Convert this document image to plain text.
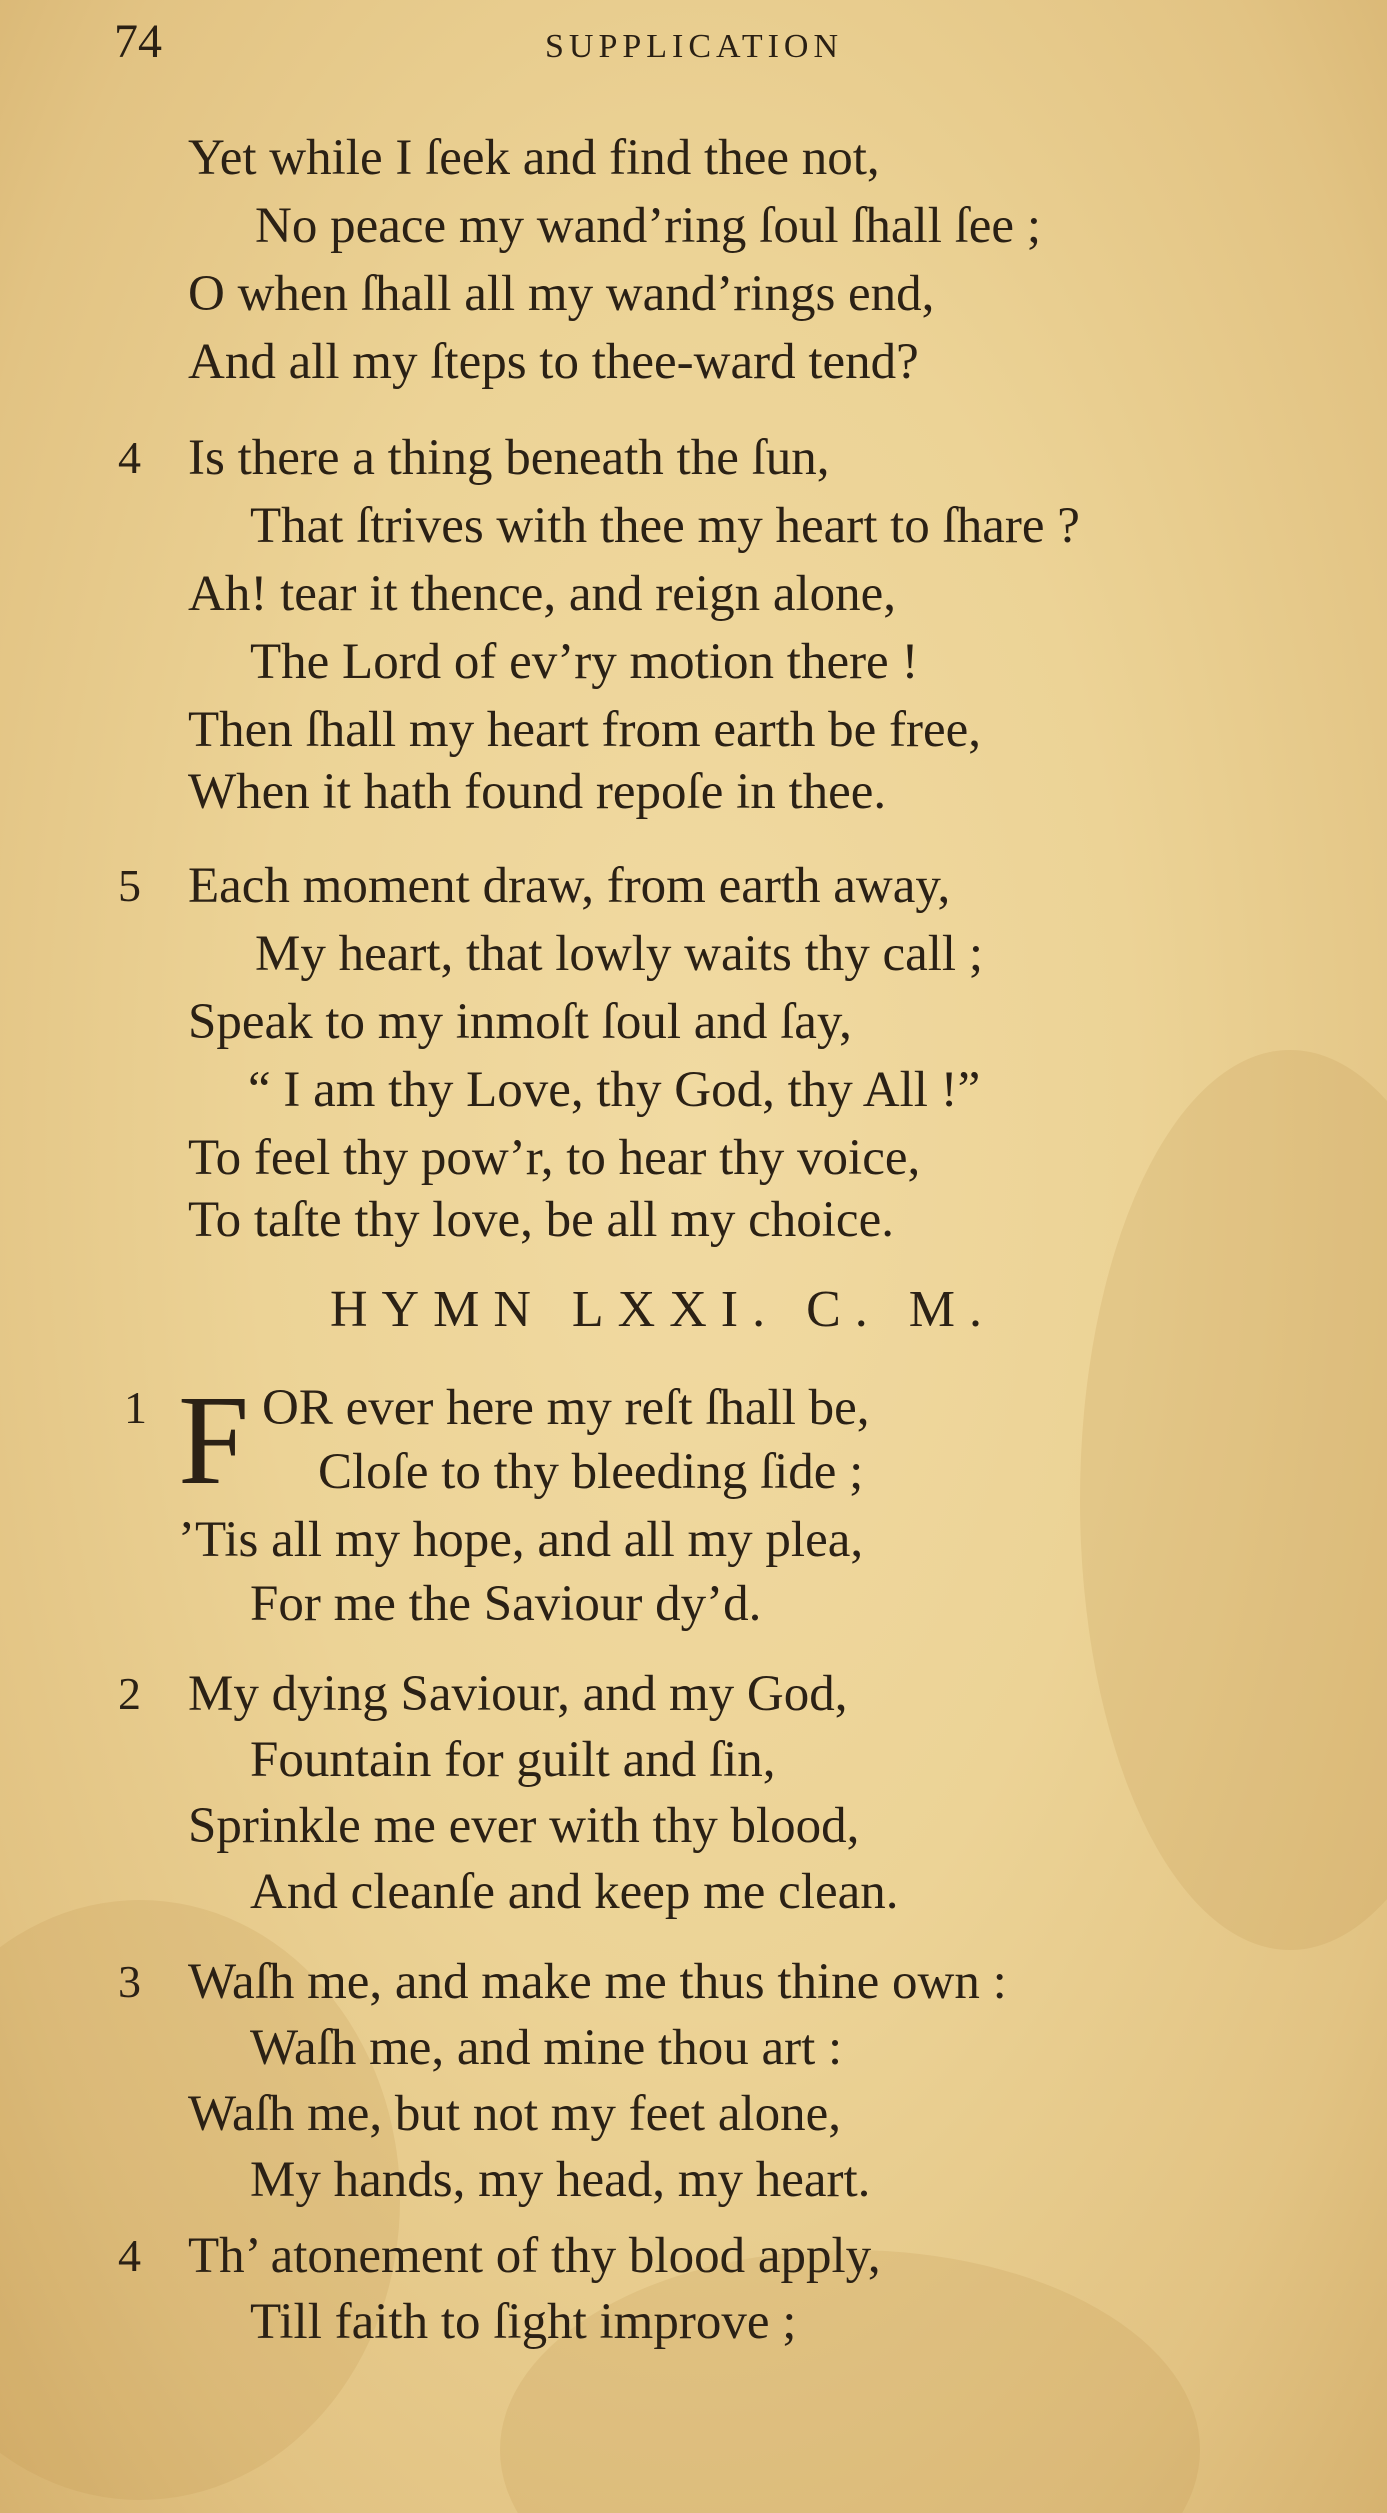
74	SUPPLICATION
Yet while I ſeek and find thee not,
No peace my wand’ring ſoul ſhall ſee ;
O when ſhall all my wand’rings end,
And all my ſteps to thee-ward tend?
4 Is there a thing beneath the ſun,
That ſtrives with thee my heart to ſhare ?
Ah! tear it thence, and reign alone,
The Lord of ev’ry motion there !
Then ſhall my heart from earth be free,
When it hath found repoſe in thee.
5 Each moment draw, from earth away,
My heart, that lowly waits thy call ;
Speak to my inmoſt ſoul and ſay,
“ I am thy Love, thy God, thy All !”
To feel thy pow’r, to hear thy voice,
To taſte thy love, be all my choice.
HYMN LXXI. C. M.
1 F OR ever here my reſt ſhall be,
Cloſe to thy bleeding ſide ;
’Tis all my hope, and all my plea,
For me the Saviour dy’d.
2 My dying Saviour, and my God,
Fountain for guilt and ſin,
Sprinkle me ever with thy blood,
And cleanſe and keep me clean.
3 Waſh me, and make me thus thine own :
Waſh me, and mine thou art :
Waſh me, but not my feet alone,
My hands, my head, my heart.
4 Th’ atonement of thy blood apply,
Till faith to ſight improve ;
